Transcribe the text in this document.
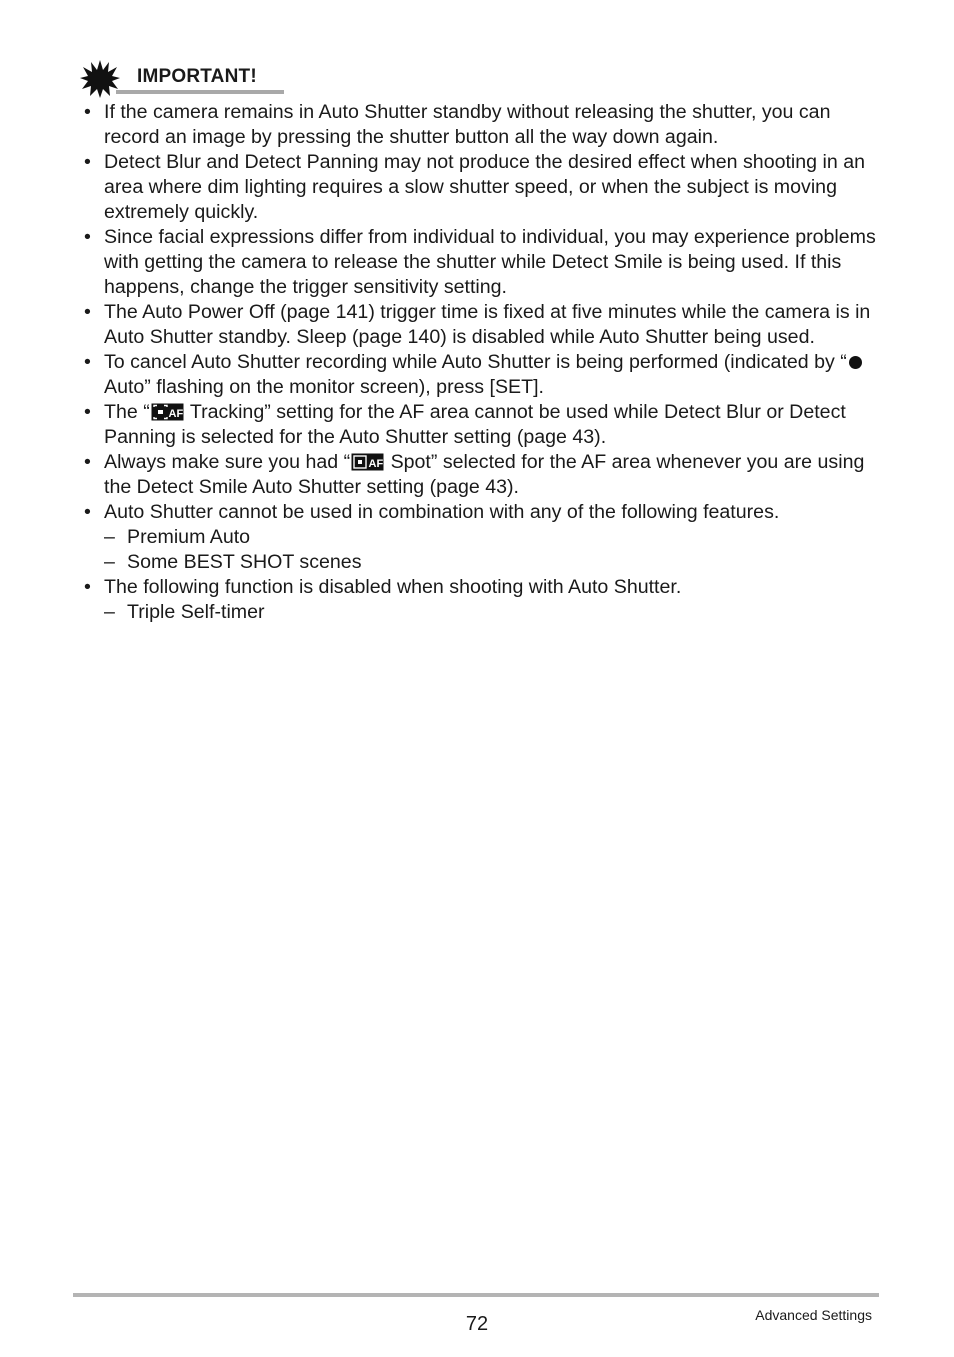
IMPORTANT!
• If the camera remains in Auto Shutter standby without releasing the shutter, you can record an image by pressing the shutter button all the way down again.
• Detect Blur and Detect Panning may not produce the desired effect when shooting in an area where dim lighting requires a slow shutter speed, or when the subject is moving extremely quickly.
• Since facial expressions differ from individual to individual, you may experience problems with getting the camera to release the shutter while Detect Smile is being used. If this happens, change the trigger sensitivity setting.
• The Auto Power Off (page 141) trigger time is fixed at five minutes while the camera is in Auto Shutter standby. Sleep (page 140) is disabled while Auto Shutter being used.
• To cancel Auto Shutter recording while Auto Shutter is being performed (indicated by “Auto” flashing on the monitor screen), press [SET].
• The “ AF Tracking” setting for the AF area cannot be used while Detect Blur or Detect Panning is selected for the Auto Shutter setting (page 43).
• Always make sure you had “ AF Spot” selected for the AF area whenever you are using the Detect Smile Auto Shutter setting (page 43).
• Auto Shutter cannot be used in combination with any of the following features.
– Premium Auto
– Some BEST SHOT scenes
• The following function is disabled when shooting with Auto Shutter.
– Triple Self-timer
72	Advanced Settings
